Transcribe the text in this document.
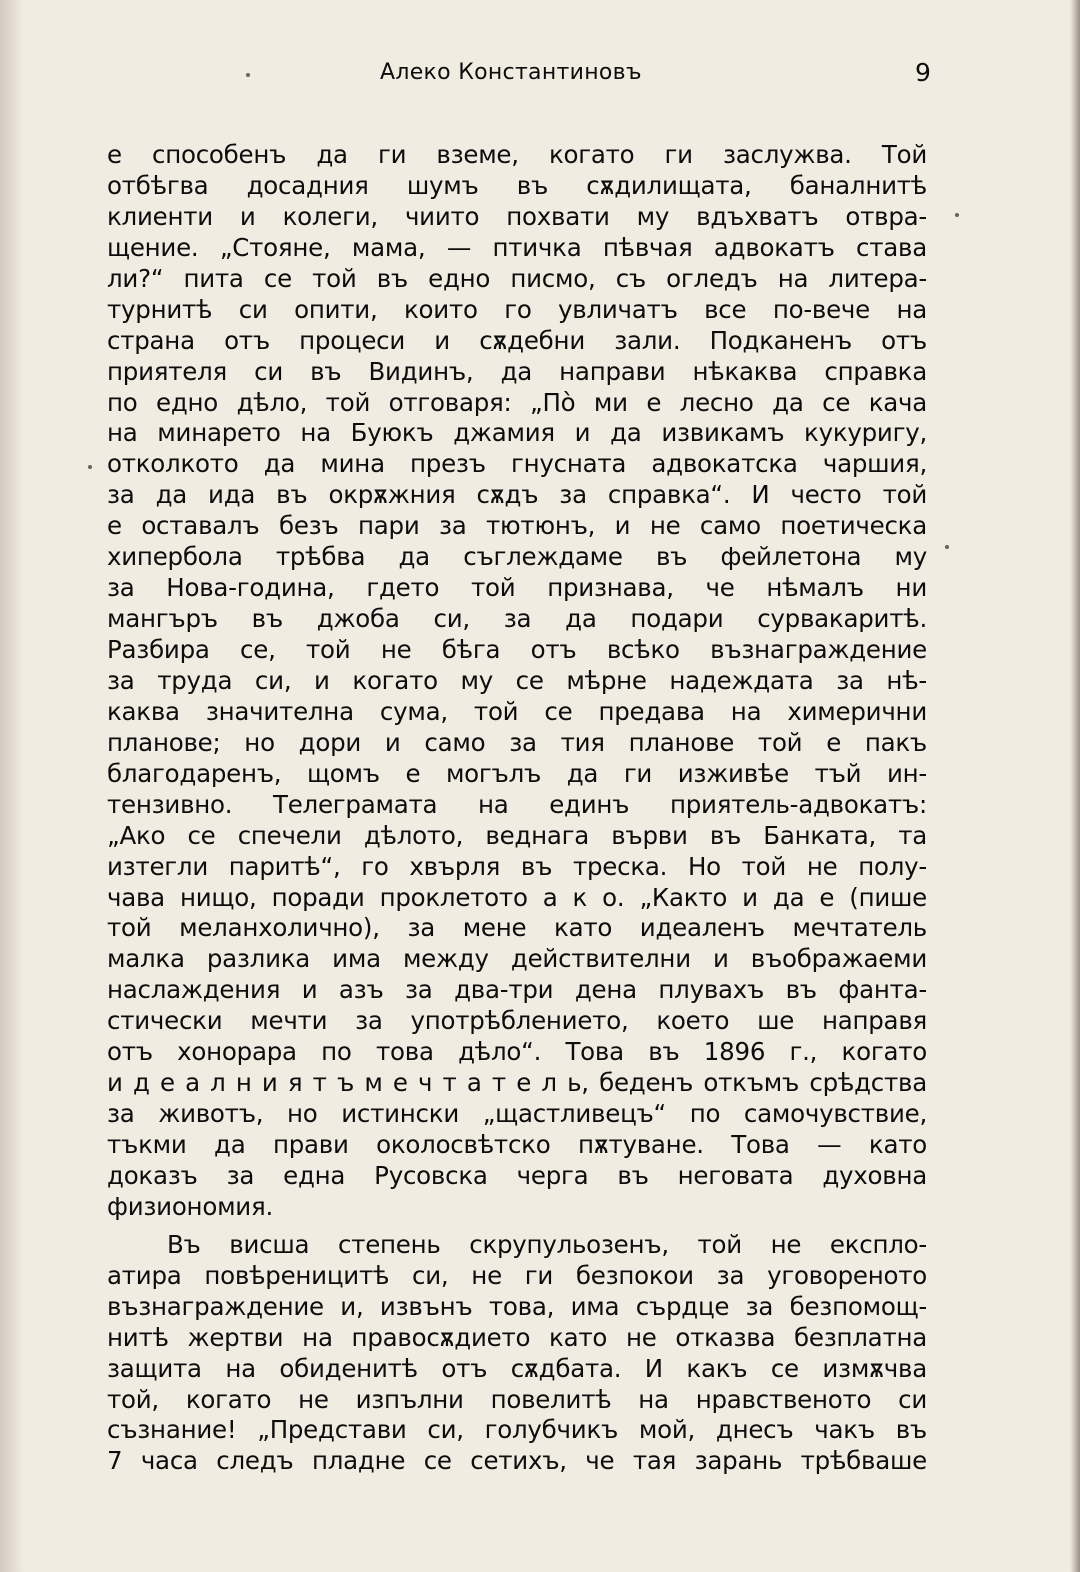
Алеко Константиновъ	9
е способенъ да ги вземе, когато ги заслужва. Той
отбѣгва досадния шумъ въ сѫдилищата, баналнитѣ
клиенти и колеги, чиито похвати му вдъхватъ отвра-
щение. „Стояне, мама, — птичка пѣвчая адвокатъ става
ли?“ пита се той въ едно писмо, съ огледъ на литера-
турнитѣ си опити, които го увличатъ все по-вече на
страна отъ процеси и сѫдебни зали. Подканенъ отъ
приятеля си въ Видинъ, да направи нѣкаква справка
по едно дѣло, той отговаря: „Пò ми е лесно да се кача
на минарето на Буюкъ джамия и да извикамъ кукуригу,
отколкото да мина презъ гнусната адвокатска чаршия,
за да ида въ окрѫжния сѫдъ за справка“. И често той
е оставалъ безъ пари за тютюнъ, и не само поетическа
хипербола трѣбва да съглеждаме въ фейлетона му
за Нова-година, гдето той признава, че нѣмалъ ни
мангъръ въ джоба си, за да подари сурвакаритѣ.
Разбира се, той не бѣга отъ всѣко възнаграждение
за труда си, и когато му се мѣрне надеждата за нѣ-
каква значителна сума, той се предава на химерични
планове; но дори и само за тия планове той е пакъ
благодаренъ, щомъ е могълъ да ги изживѣе тъй ин-
тензивно. Телеграмата на единъ приятель-адвокатъ:
„Ако се спечели дѣлото, веднага върви въ Банката, та
изтегли паритѣ“, го хвърля въ треска. Но той не полу-
чава нищо, поради проклетото а к о. „Както и да е (пише
той меланхолично), за мене като идеаленъ мечтатель
малка разлика има между действителни и въображаеми
наслаждения и азъ за два-три дена плувахъ въ фанта-
стически мечти за употрѣблението, което ше направя
отъ хонорара по това дѣло“. Това въ 1896 г., когато
и д е а л н и я т ъ м е ч т а т е л ь, беденъ откъмъ срѣдства
за животъ, но истински „щастливецъ“ по самочувствие,
тъкми да прави околосвѣтско пѫтуване. Това — като
доказъ за една Русовска черга въ неговата духовна
физиономия.
Въ висша степень скрупульозенъ, той не експло-
атира повѣреницитѣ си, не ги безпокои за уговореното
възнаграждение и, извънъ това, има сърдце за безпомощ-
нитѣ жертви на правосѫдието като не отказва безплатна
защита на обиденитѣ отъ сѫдбата. И какъ се измѫчва
той, когато не изпълни повелитѣ на нравственото си
съзнание! „Представи си, голубчикъ мой, днесъ чакъ въ
7 часа следъ пладне се сетихъ, че тая зарань трѣбваше
